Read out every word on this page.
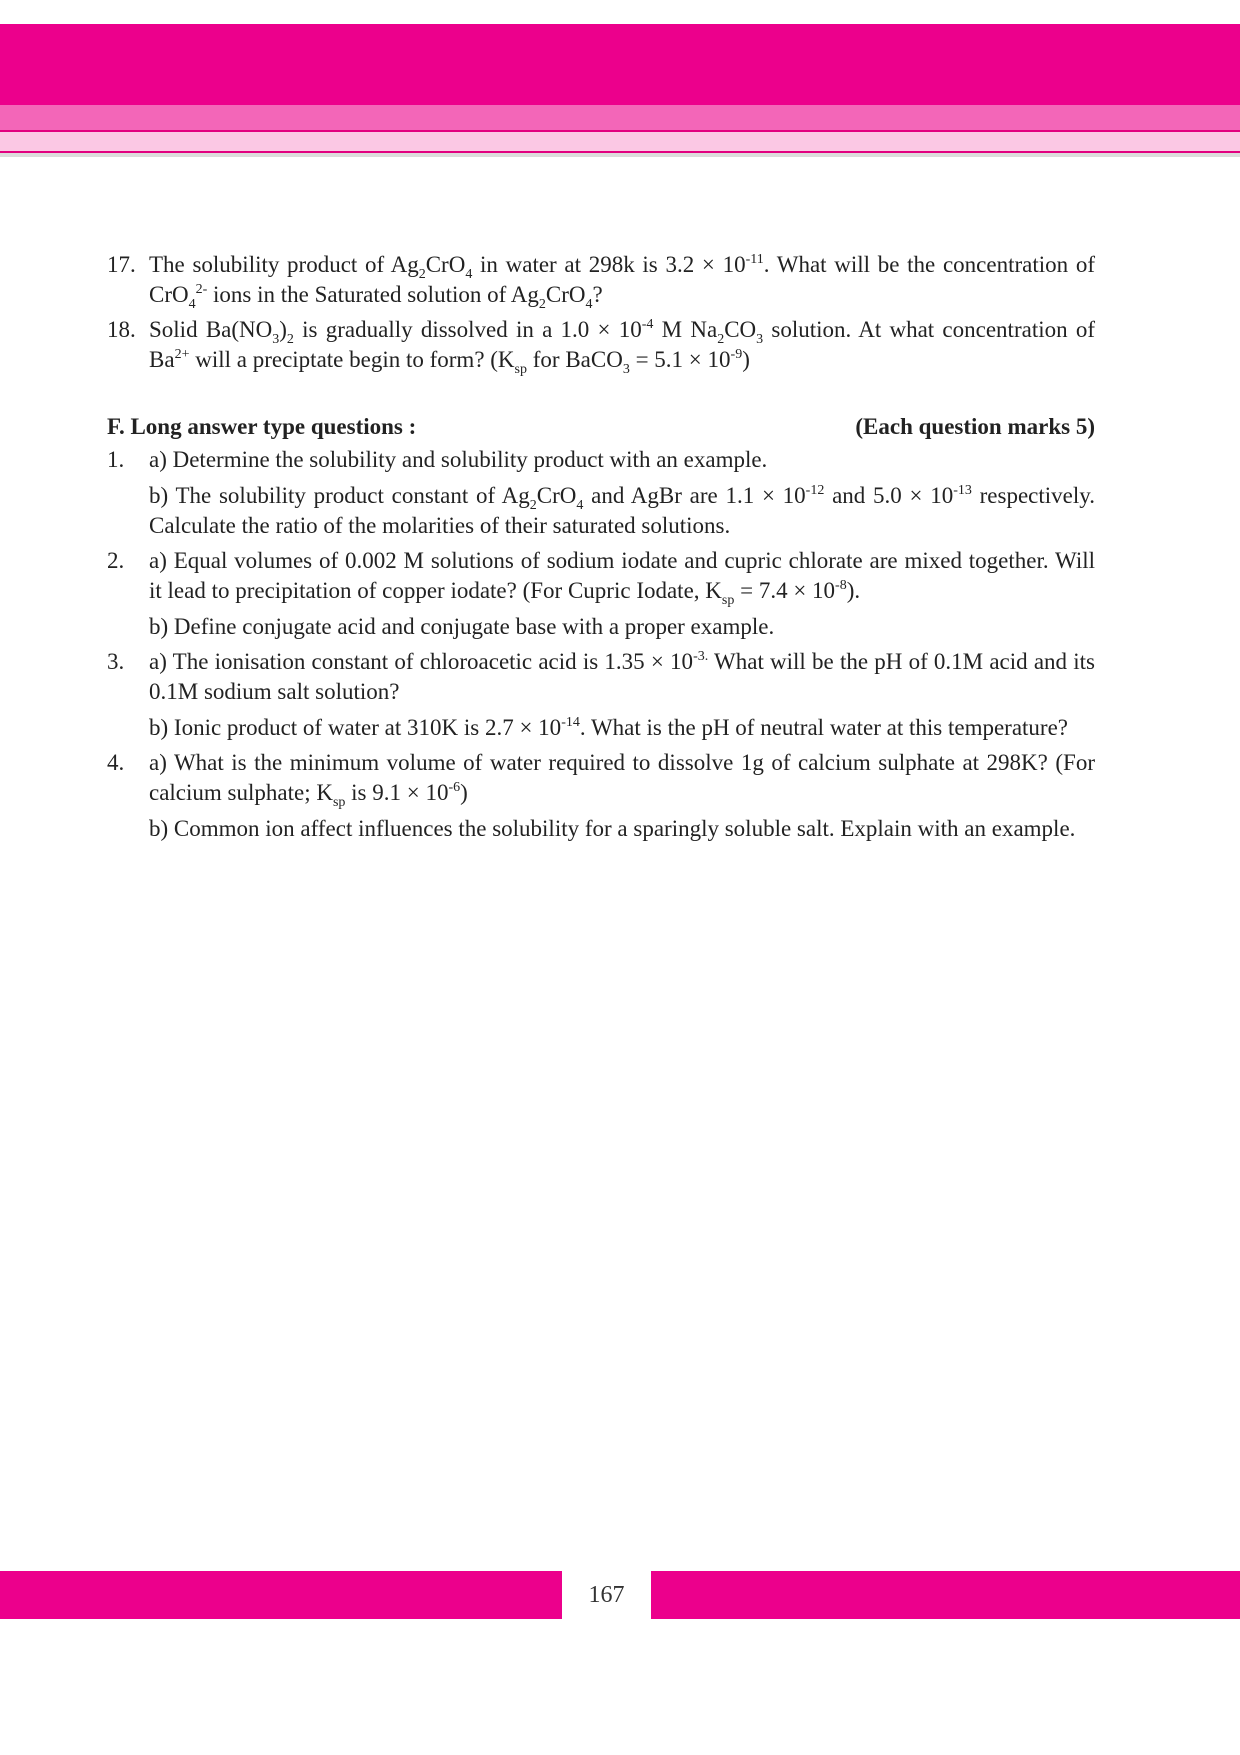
17. The solubility product of $Ag_2CrO_4$ in water at 298k is $3.2 \times 10^{-11}$. What will be the concentration of CrO$_4^{2-}$ ions in the Saturated solution of $Ag_2CrO_4$?
18. Solid $Ba(NO_3)_2$ is gradually dissolved in a $1.0 \times 10^{-4}$ M $Na_2CO_3$ solution. At what concentration of $Ba^{2+}$ will a preciptate begin to form? ($K_{sp}$ for BaCO$_3$ = $5.1 \times 10^{-9}$)
F. Long answer type questions :	(Each question marks 5)
1. a) Determine the solubility and solubility product with an example.
b) The solubility product constant of $Ag_2CrO_4$ and AgBr are $1.1 \times 10^{-12}$ and $5.0 \times 10^{-13}$ respectively. Calculate the ratio of the molarities of their saturated solutions.
2. a) Equal volumes of 0.002 M solutions of sodium iodate and cupric chlorate are mixed together. Will it lead to precipitation of copper iodate? (For Cupric Iodate, $K_{sp} = 7.4 \times 10^{-8}$).
b) Define conjugate acid and conjugate base with a proper example.
3. a) The ionisation constant of chloroacetic acid is $1.35 \times 10^{-3.}$ What will be the pH of 0.1M acid and its 0.1M sodium salt solution?
b) Ionic product of water at 310K is $2.7 \times 10^{-14}$. What is the pH of neutral water at this temperature?
4. a) What is the minimum volume of water required to dissolve 1g of calcium sulphate at 298K? (For calcium sulphate; $K_{sp}$ is $9.1 \times 10^{-6}$)
b) Common ion affect influences the solubility for a sparingly soluble salt. Explain with an example.
167
